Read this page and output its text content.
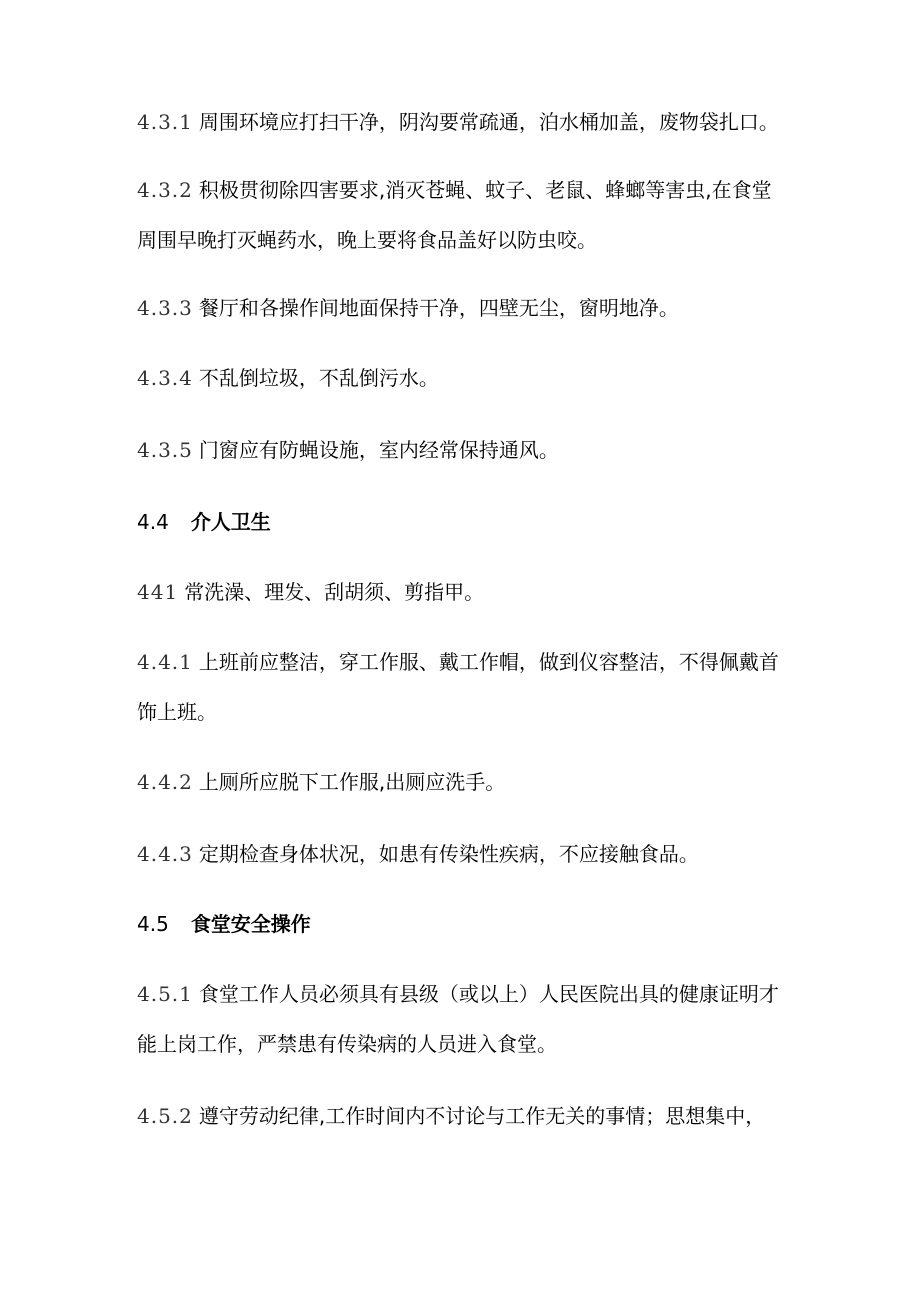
4.3.1 周围环境应打扫干净，阴沟要常疏通，泊水桶加盖，废物袋扎口。
4.3.2 积极贯彻除四害要求,消灭苍蝇、蚊子、老鼠、蜂螂等害虫,在食堂
周围早晚打灭蝇药水，晚上要将食品盖好以防虫咬。
4.3.3 餐厅和各操作间地面保持干净，四壁无尘，窗明地净。
4.3.4 不乱倒垃圾，不乱倒污水。
4.3.5 门窗应有防蝇设施，室内经常保持通风。
4.4 介人卫生
441 常洗澡、理发、刮胡须、剪指甲。
4.4.1 上班前应整洁，穿工作服、戴工作帽，做到仪容整洁，不得佩戴首
饰上班。
4.4.2 上厕所应脱下工作服,出厕应洗手。
4.4.3 定期检查身体状况，如患有传染性疾病，不应接触食品。
4.5 食堂安全操作
4.5.1 食堂工作人员必须具有县级（或以上）人民医院出具的健康证明才
能上岗工作，严禁患有传染病的人员进入食堂。
4.5.2 遵守劳动纪律,工作时间内不讨论与工作无关的事情；思想集中，
